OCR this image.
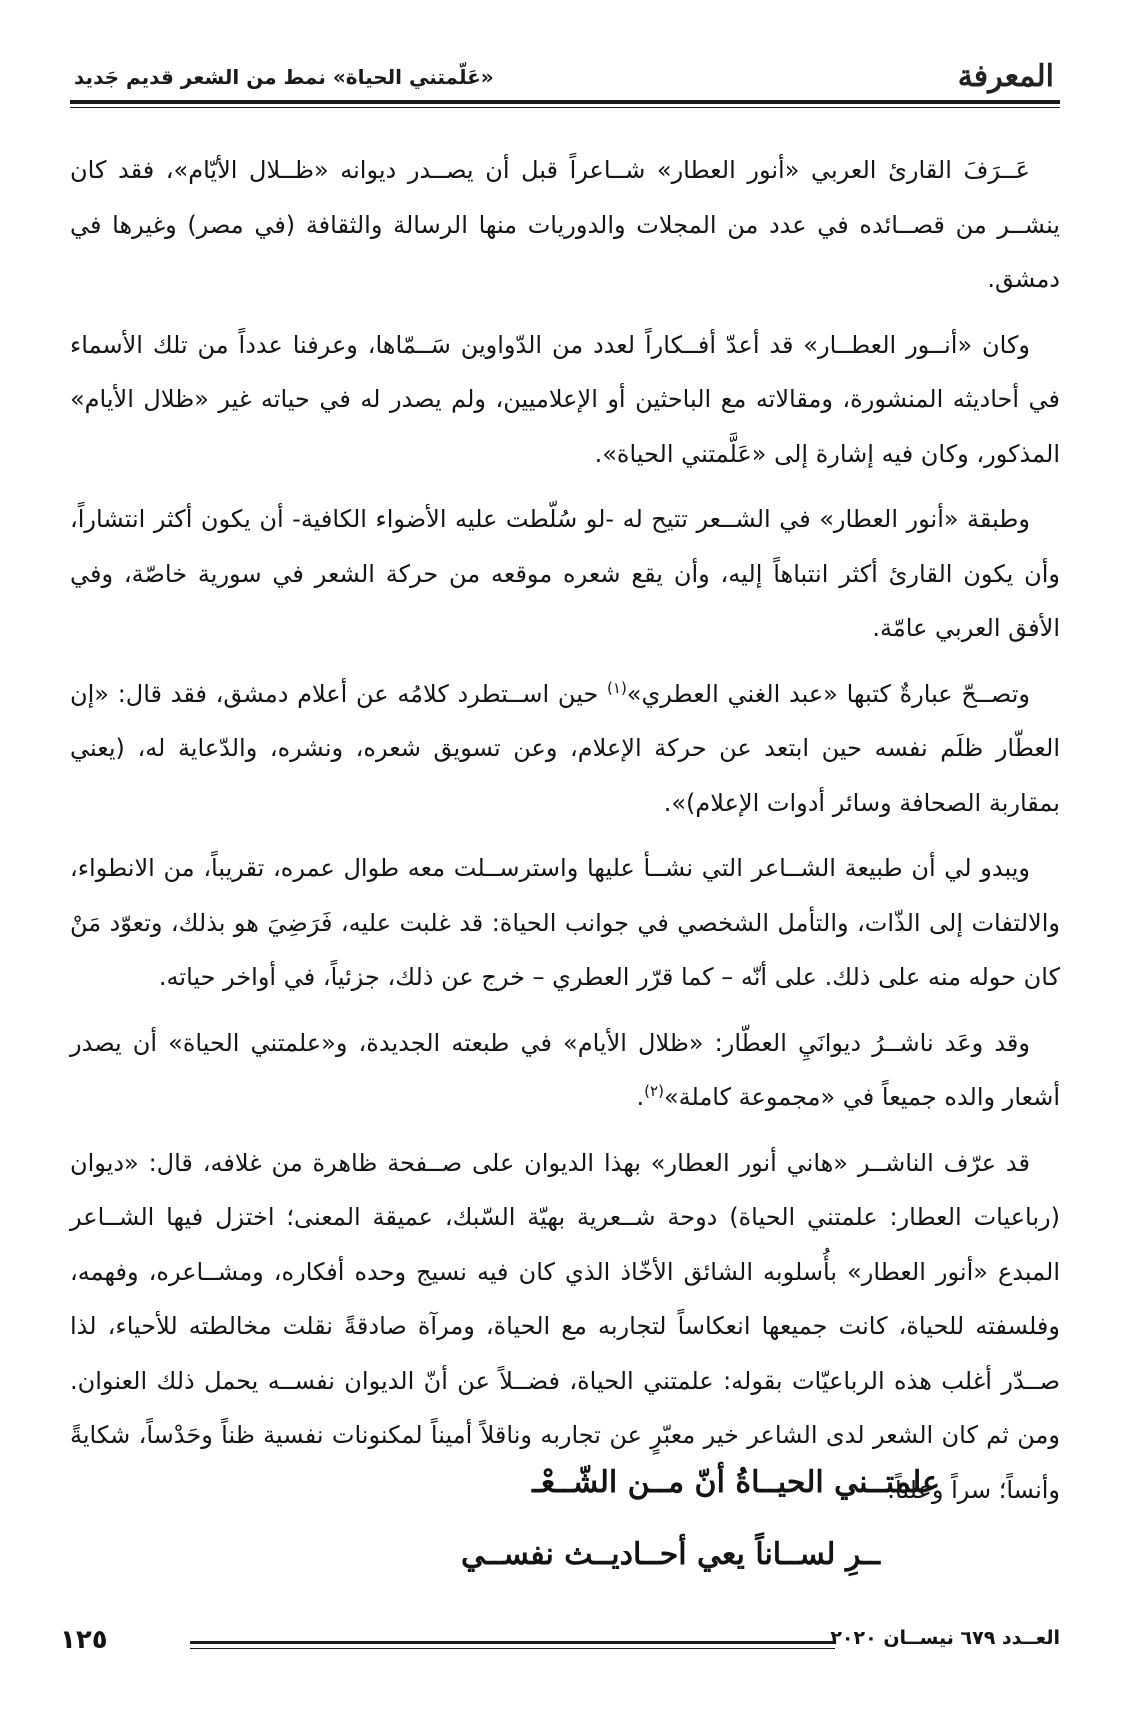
المعرفة
«عَلّمتني الحياة» نمط من الشعر قديم جَديد

عَــرَفَ القارئ العربي «أنور العطار» شــاعراً قبل أن يصــدر ديوانه «ظــلال الأيّام»، فقد كان ينشــر من قصــائده في عدد من المجلات والدوريات منها الرسالة والثقافة (في مصر) وغيرها في دمشق.

وكان «أنــور العطــار» قد أعدّ أفــكاراً لعدد من الدّواوين سَــمّاها، وعرفنا عدداً من تلك الأسماء في أحاديثه المنشورة، ومقالاته مع الباحثين أو الإعلاميين، ولم يصدر له في حياته غير «ظلال الأيام» المذكور، وكان فيه إشارة إلى «عَلَّمتني الحياة».

وطبقة «أنور العطار» في الشــعر تتيح له -لو سُلّطت عليه الأضواء الكافية- أن يكون أكثر انتشاراً، وأن يكون القارئ أكثر انتباهاً إليه، وأن يقع شعره موقعه من حركة الشعر في سورية خاصّة، وفي الأفق العربي عامّة.

وتصــحّ عبارةٌ كتبها «عبد الغني العطري»$^{(١)}$ حين اســتطرد كلامُه عن أعلام دمشق، فقد قال: «إن العطّار ظلَم نفسه حين ابتعد عن حركة الإعلام، وعن تسويق شعره، ونشره، والدّعاية له، (يعني بمقاربة الصحافة وسائر أدوات الإعلام)».

ويبدو لي أن طبيعة الشــاعر التي نشــأ عليها واسترســلت معه طوال عمره، تقريباً، من الانطواء، والالتفات إلى الذّات، والتأمل الشخصي في جوانب الحياة: قد غلبت عليه، فَرَضِيَ هو بذلك، وتعوّد مَنْ كان حوله منه على ذلك. على أنّه – كما قرّر العطري – خرج عن ذلك، جزئياً، في أواخر حياته.

وقد وعَد ناشــرُ ديوانَيِ العطّار: «ظلال الأيام» في طبعته الجديدة، و«علمتني الحياة» أن يصدر أشعار والده جميعاً في «مجموعة كاملة»$^{(٢)}$.

قد عرّف الناشــر «هاني أنور العطار» بهذا الديوان على صــفحة ظاهرة من غلافه، قال: «ديوان (رباعيات العطار: علمتني الحياة) دوحة شــعرية بهيّة السّبك، عميقة المعنى؛ اختزل فيها الشــاعر المبدع «أنور العطار» بأُسلوبه الشائق الأخّاذ الذي كان فيه نسيج وحده أفكاره، ومشــاعره، وفهمه، وفلسفته للحياة، كانت جميعها انعكاساً لتجاربه مع الحياة، ومرآة صادقةً نقلت مخالطته للأحياء، لذا صــدّر أغلب هذه الرباعيّات بقوله: علمتني الحياة، فضــلاً عن أنّ الديوان نفســه يحمل ذلك العنوان. ومن ثم كان الشعر لدى الشاعر خير معبّرٍ عن تجاربه وناقلاً أميناً لمكنونات نفسية ظناً وحَدْساً، شكايةً وأنساً؛ سراً وعلناً:

علمتــني الحيــاةُ أنّ مــن الشّــعْـ
ــرِ لســاناً يعي أحــاديــث نفســي
١٢٥	العــدد ٦٧٩ نيســان ٢٠٢٠
